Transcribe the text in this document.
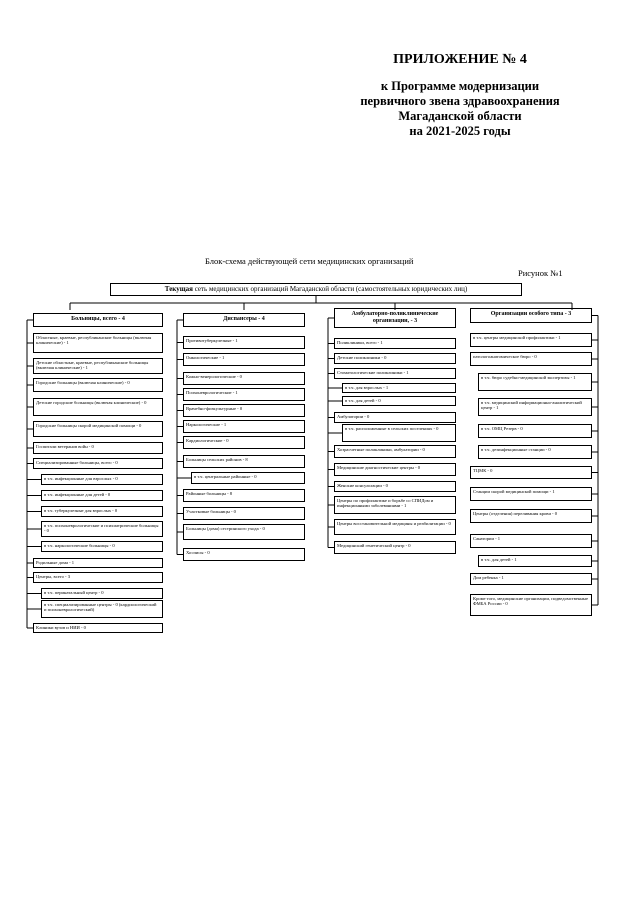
ПРИЛОЖЕНИЕ № 4
к Программе модернизации
первичного звена здравоохранения
Магаданской области
на 2021-2025 годы
Блок-схема действующей сети медицинских организаций
Рисунок №1
Текущая сеть медицинских организаций Магаданской области (самостоятельных юридических лиц)
Больницы, всего - 4
Областные, краевые, республиканские больницы (включая клинические) - 1
Детские областные, краевые, республиканские больницы (включая клинические) - 1
Городские больницы (включая клинические) - 0
Детские городские больницы (включая клинические) - 0
Городские больницы скорой медицинской помощи - 0
Госпитали ветеранов войн - 0
Специализированные больницы, всего - 0
в т.ч. инфекционные для взрослых - 0
в т.ч. инфекционные для детей - 0
в т.ч. туберкулезные для взрослых - 0
в т.ч. психоневрологические и психиатрические больницы - 0
в т.ч. наркологические больницы - 0
Родильные дома - 1
Центры, всего - 3
в т.ч. перинатальный центр - 0
в т.ч. специализированные центры - 0 (кардиологический и психоневрологический)
Клиники вузов и НИИ - 0
Диспансеры - 4
Противотуберкулезные - 1
Онкологические - 1
Кожно-венерологические - 0
Психоневрологические - 1
Врачебно-физкультурные - 0
Наркологические - 1
Кардиологические - 0
Больницы сельских районов - 8
в т.ч. центральные районные - 0
Районные больницы - 8
Участковые больницы - 0
Больницы (дома) сестринского ухода - 0
Хосписы - 0
Амбулаторно-поликлинические организации, - 3
Поликлиники, всего - 1
Детские поликлиники - 0
Стоматологические поликлиники - 1
в т.ч. для взрослых - 1
в т.ч. для детей - 0
Амбулатории - 0
в т.ч. расположенные в сельских поселениях - 0
Хозрасчетные поликлиники, амбулатории - 0
Медицинские диагностические центры - 0
Женские консультации - 0
Центры по профилактике и борьбе со СПИДом и инфекционными заболеваниями - 1
Центры восстановительной медицины и реабилитации - 0
Медицинский генетический центр - 0
Организации особого типа - 3
в т.ч. центры медицинской профилактики - 1
патологоанатомическое бюро - 0
в т.ч. бюро судебно-медицинской экспертизы - 1
в т.ч. медицинский информационно-аналитический центр - 1
в т.ч. ОМЦ Резерв - 0
в т.ч. дезинфекционные станции - 0
ТЦМК - 0
Станции скорой медицинской помощи - 1
Центры (отделения) переливания крови - 0
Санатории - 1
в т.ч. для детей - 1
Дом ребенка - 1
Кроме того, медицинские организации, подведомственные ФМБА России - 0
